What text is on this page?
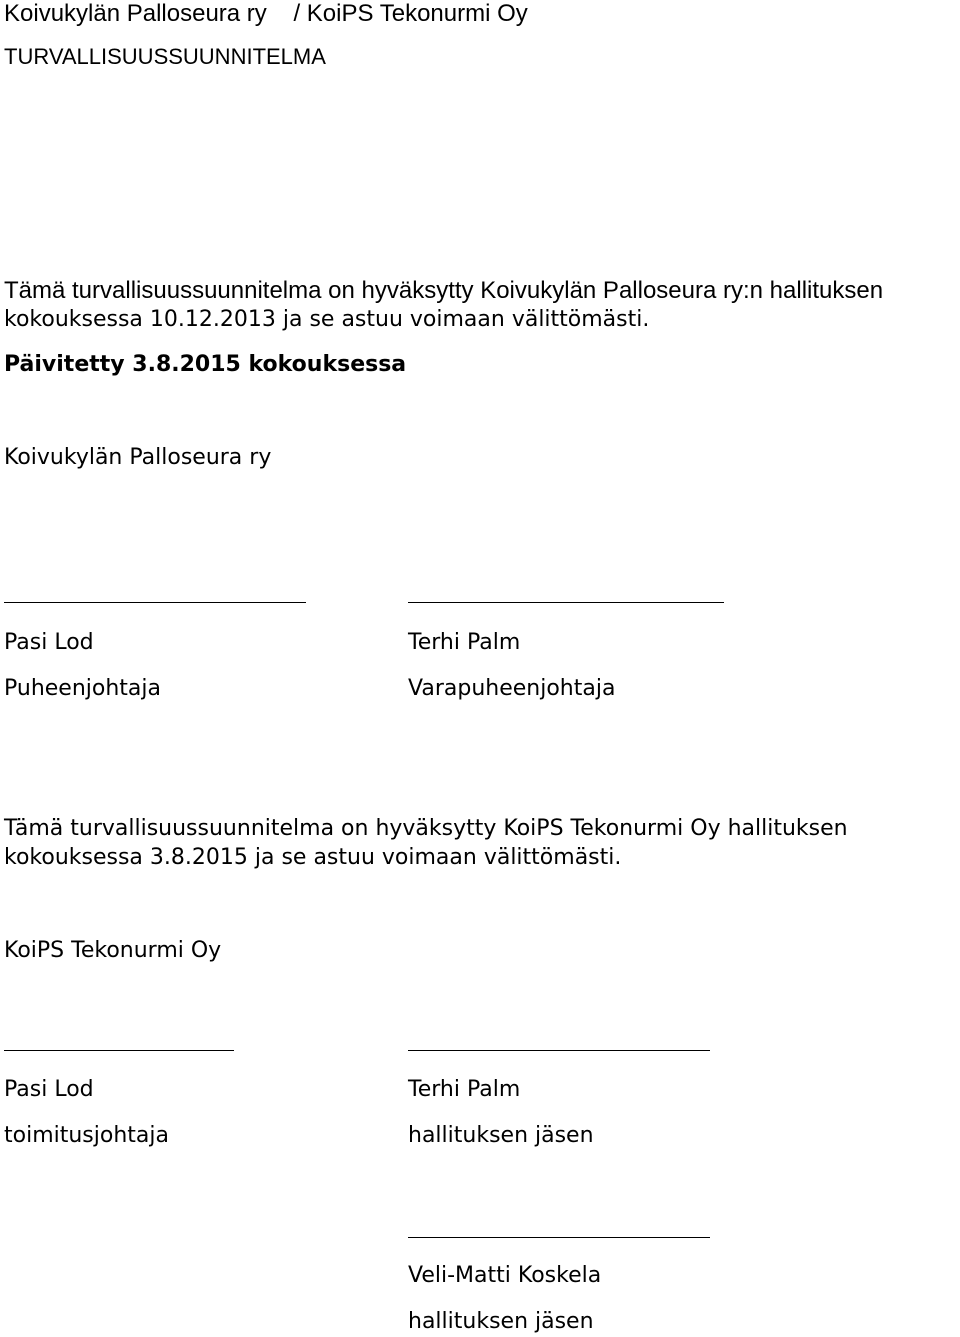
Koivukylän Palloseura ry    / KoiPS Tekonurmi Oy
TURVALLISUUSSUUNNITELMA
Tämä turvallisuussuunnitelma on hyväksytty Koivukylän Palloseura ry:n hallituksen
kokouksessa 10.12.2013 ja se astuu voimaan välittömästi.
Päivitetty 3.8.2015 kokouksessa
Koivukylän Palloseura ry
Pasi Lod	Terhi Palm
Puheenjohtaja	Varapuheenjohtaja
Tämä turvallisuussuunnitelma on hyväksytty KoiPS Tekonurmi Oy hallituksen
kokouksessa 3.8.2015 ja se astuu voimaan välittömästi.
KoiPS Tekonurmi Oy
Pasi Lod	Terhi Palm
toimitusjohtaja	hallituksen jäsen
Veli-Matti Koskela
hallituksen jäsen
